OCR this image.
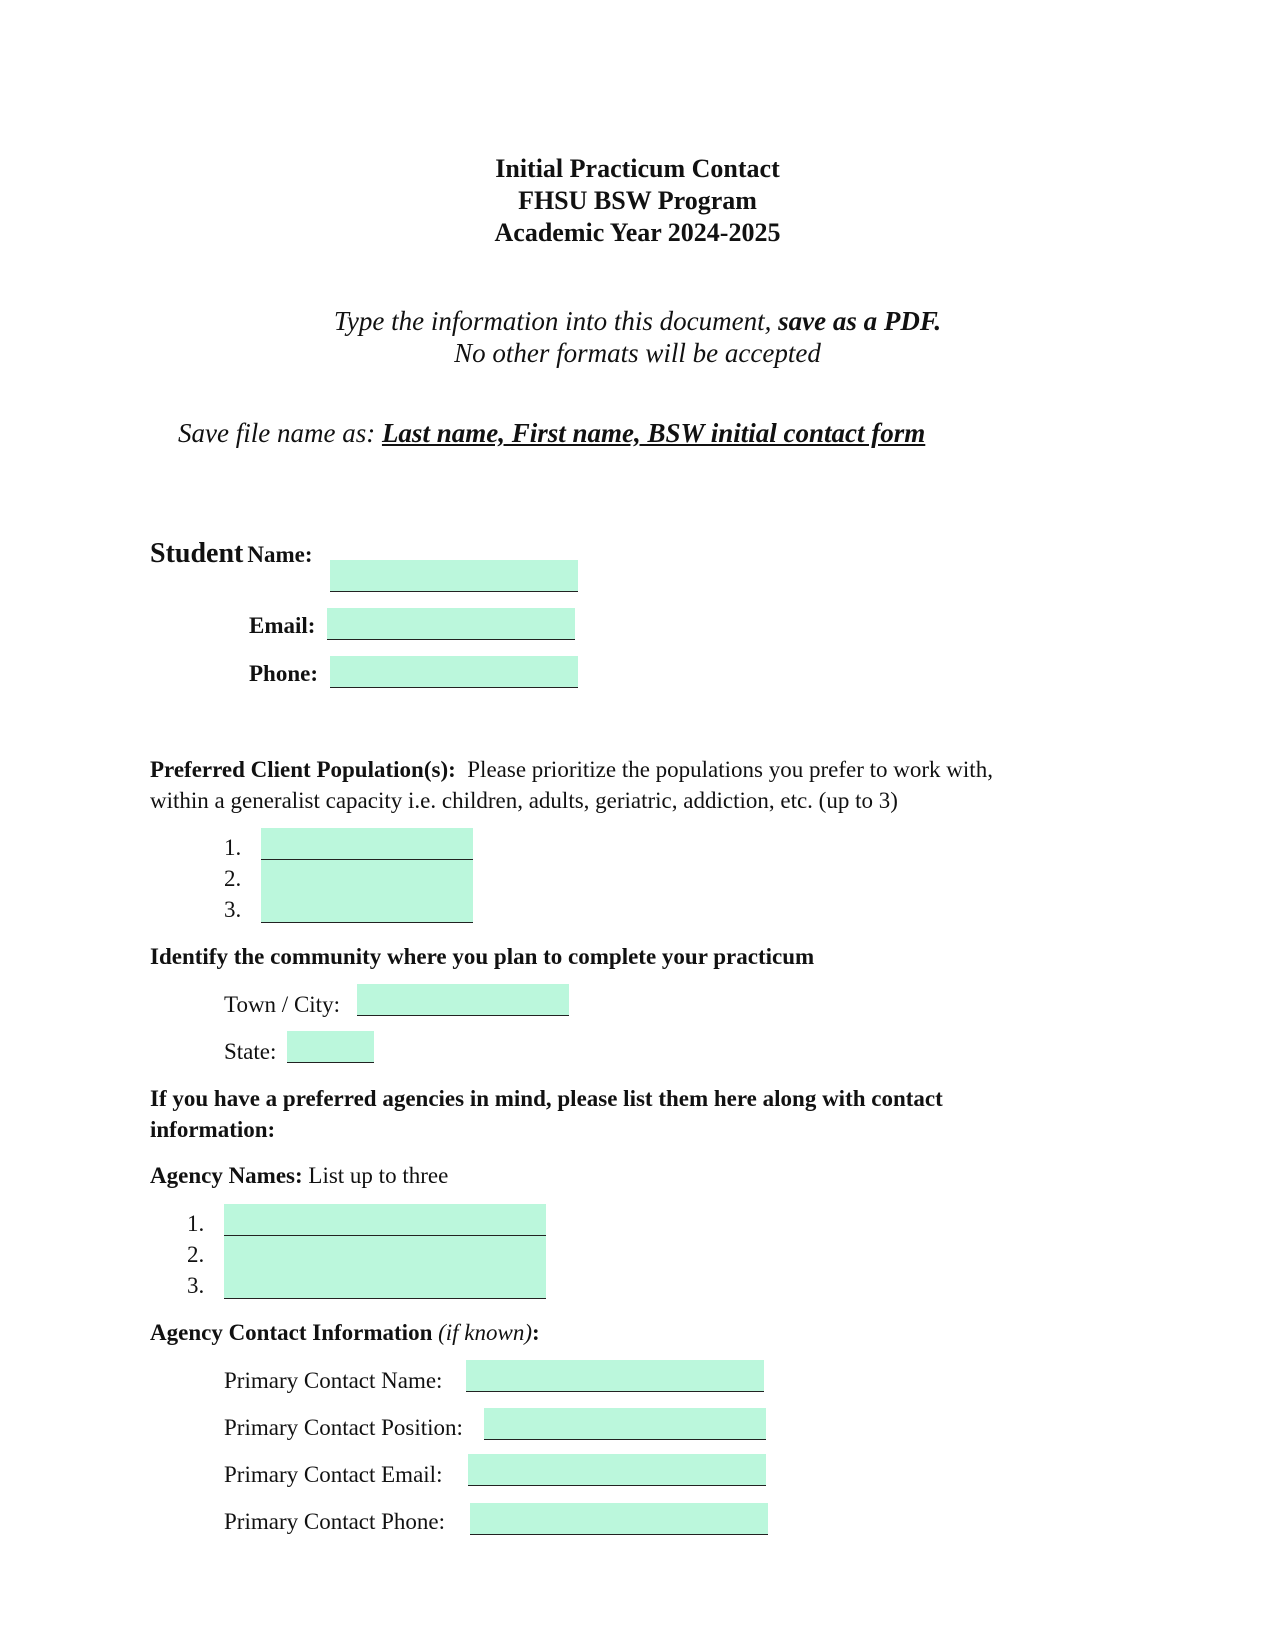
Initial Practicum Contact
FHSU BSW Program
Academic Year 2024-2025
Type the information into this document, save as a PDF.
No other formats will be accepted
Save file name as: Last name, First name, BSW initial contact form
Student Name:
Email:
Phone:
Preferred Client Population(s): Please prioritize the populations you prefer to work with,
within a generalist capacity i.e. children, adults, geriatric, addiction, etc. (up to 3)
1.
2.
3.
Identify the community where you plan to complete your practicum
Town / City:
State:
If you have a preferred agencies in mind, please list them here along with contact
information:
Agency Names: List up to three
1.
2.
3.
Agency Contact Information (if known):
Primary Contact Name:
Primary Contact Position:
Primary Contact Email:
Primary Contact Phone:
